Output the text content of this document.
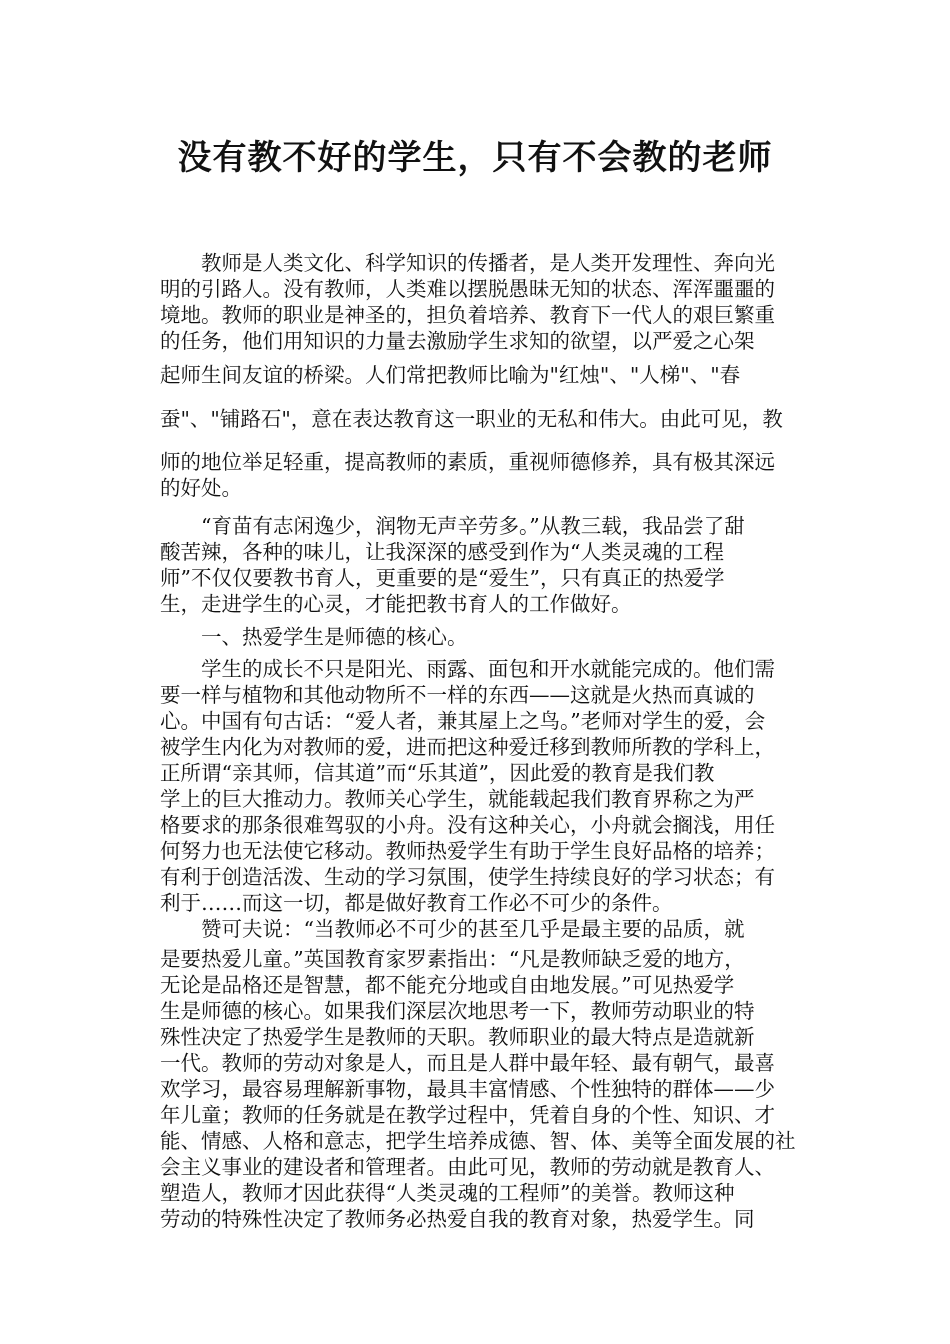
没有教不好的学生，只有不会教的老师
　　教师是人类文化、科学知识的传播者，是人类开发理性、奔向光
明的引路人。没有教师，人类难以摆脱愚昧无知的状态、浑浑噩噩的
境地。教师的职业是神圣的，担负着培养、教育下一代人的艰巨繁重
的任务，他们用知识的力量去激励学生求知的欲望，以严爱之心架
起师生间友谊的桥梁。人们常把教师比喻为"红烛"、"人梯"、"春
蚕"、"铺路石"，意在表达教育这一职业的无私和伟大。由此可见，教
师的地位举足轻重，提高教师的素质，重视师德修养，具有极其深远
的好处。
　　“育苗有志闲逸少，润物无声辛劳多。”从教三载，我品尝了甜
酸苦辣，各种的味儿，让我深深的感受到作为“人类灵魂的工程
师”不仅仅要教书育人，更重要的是“爱生”，只有真正的热爱学
生，走进学生的心灵，才能把教书育人的工作做好。
　　一、热爱学生是师德的核心。
　　学生的成长不只是阳光、雨露、面包和开水就能完成的。他们需
要一样与植物和其他动物所不一样的东西——这就是火热而真诚的
心。中国有句古话：“爱人者，兼其屋上之鸟。”老师对学生的爱，会
被学生内化为对教师的爱，进而把这种爱迁移到教师所教的学科上，
正所谓“亲其师，信其道”而“乐其道”，因此爱的教育是我们教
学上的巨大推动力。教师关心学生，就能载起我们教育界称之为严
格要求的那条很难驾驭的小舟。没有这种关心，小舟就会搁浅，用任
何努力也无法使它移动。教师热爱学生有助于学生良好品格的培养；
有利于创造活泼、生动的学习氛围，使学生持续良好的学习状态；有
利于……而这一切，都是做好教育工作必不可少的条件。
　　赞可夫说：“当教师必不可少的甚至几乎是最主要的品质，就
是要热爱儿童。”英国教育家罗素指出：“凡是教师缺乏爱的地方，
无论是品格还是智慧，都不能充分地或自由地发展。”可见热爱学
生是师德的核心。如果我们深层次地思考一下，教师劳动职业的特
殊性决定了热爱学生是教师的天职。教师职业的最大特点是造就新
一代。教师的劳动对象是人，而且是人群中最年轻、最有朝气，最喜
欢学习，最容易理解新事物，最具丰富情感、个性独特的群体——少
年儿童；教师的任务就是在教学过程中，凭着自身的个性、知识、才
能、情感、人格和意志，把学生培养成德、智、体、美等全面发展的社
会主义事业的建设者和管理者。由此可见，教师的劳动就是教育人、
塑造人，教师才因此获得“人类灵魂的工程师”的美誉。教师这种
劳动的特殊性决定了教师务必热爱自我的教育对象，热爱学生。同
